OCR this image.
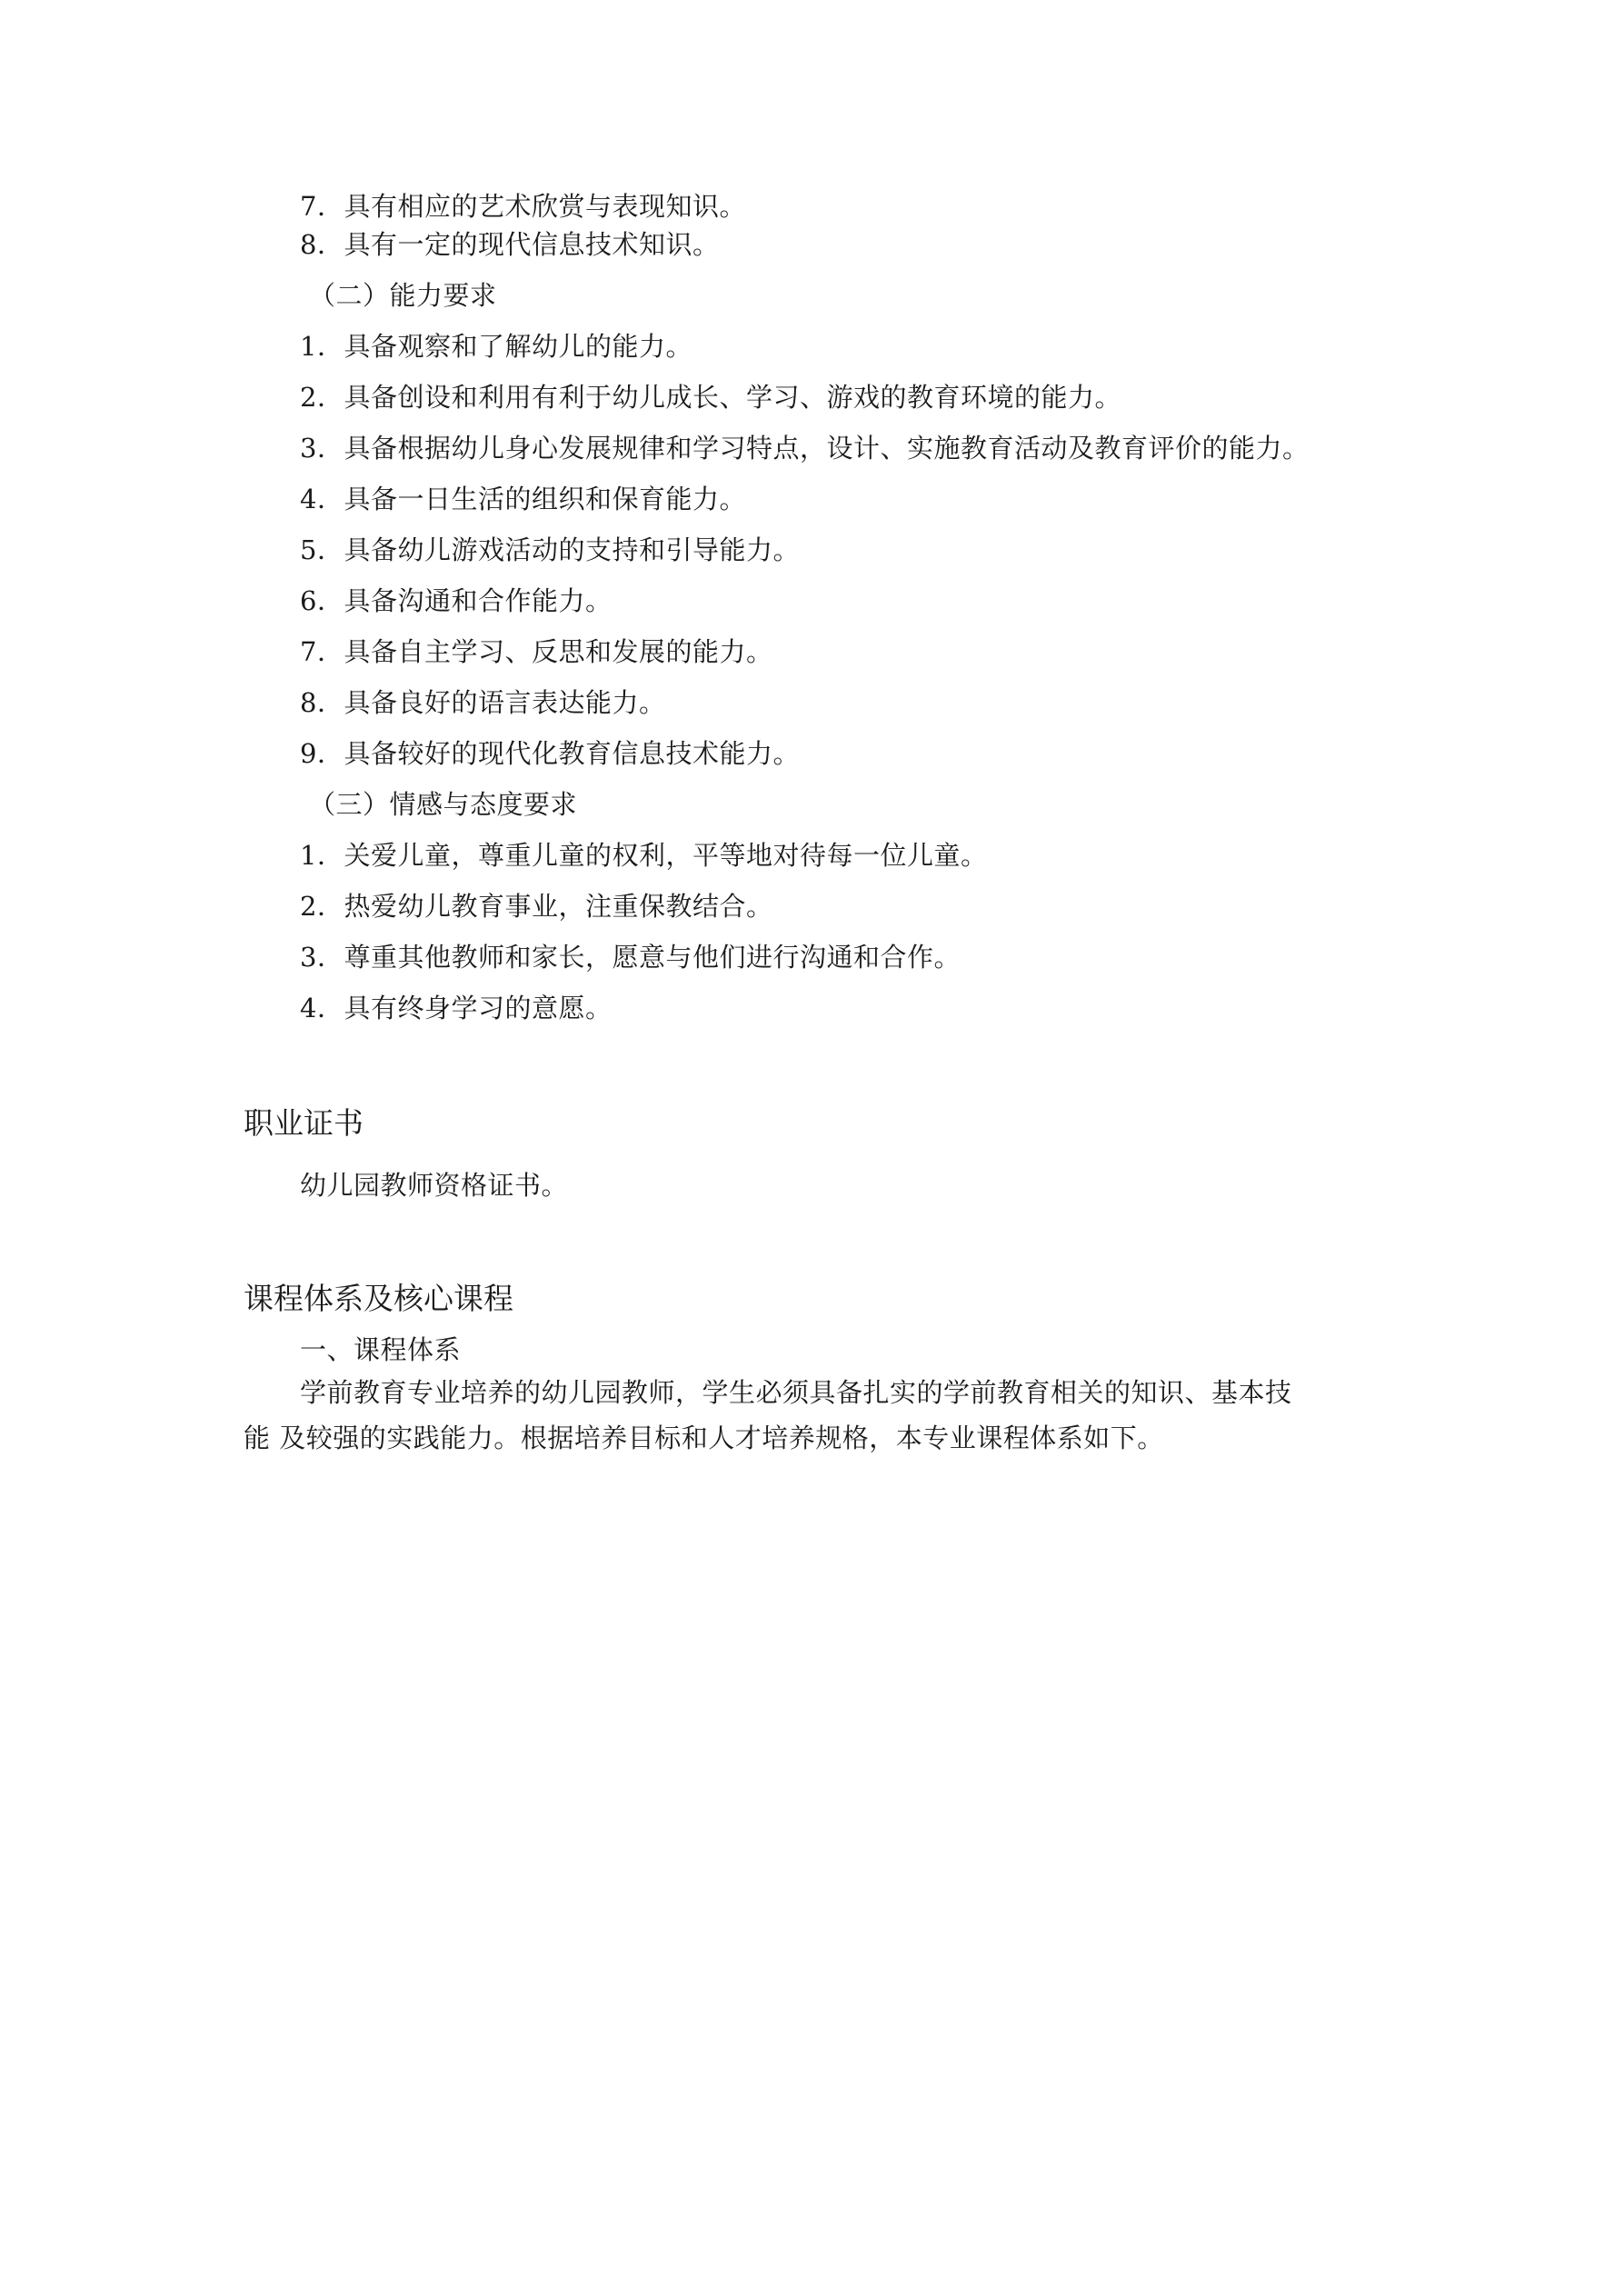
7．具有相应的艺术欣赏与表现知识。
8．具有一定的现代信息技术知识。
（二）能力要求
1．具备观察和了解幼儿的能力。
2．具备创设和利用有利于幼儿成长、学习、游戏的教育环境的能力。
3．具备根据幼儿身心发展规律和学习特点，设计、实施教育活动及教育评价的能力。
4．具备一日生活的组织和保育能力。
5．具备幼儿游戏活动的支持和引导能力。
6．具备沟通和合作能力。
7．具备自主学习、反思和发展的能力。
8．具备良好的语言表达能力。
9．具备较好的现代化教育信息技术能力。
（三）情感与态度要求
1．关爱儿童，尊重儿童的权利，平等地对待每一位儿童。
2．热爱幼儿教育事业，注重保教结合。
3．尊重其他教师和家长，愿意与他们进行沟通和合作。
4．具有终身学习的意愿。
职业证书
幼儿园教师资格证书。
课程体系及核心课程
一、课程体系
学前教育专业培养的幼儿园教师，学生必须具备扎实的学前教育相关的知识、基本技
能 及较强的实践能力。根据培养目标和人才培养规格，本专业课程体系如下。
